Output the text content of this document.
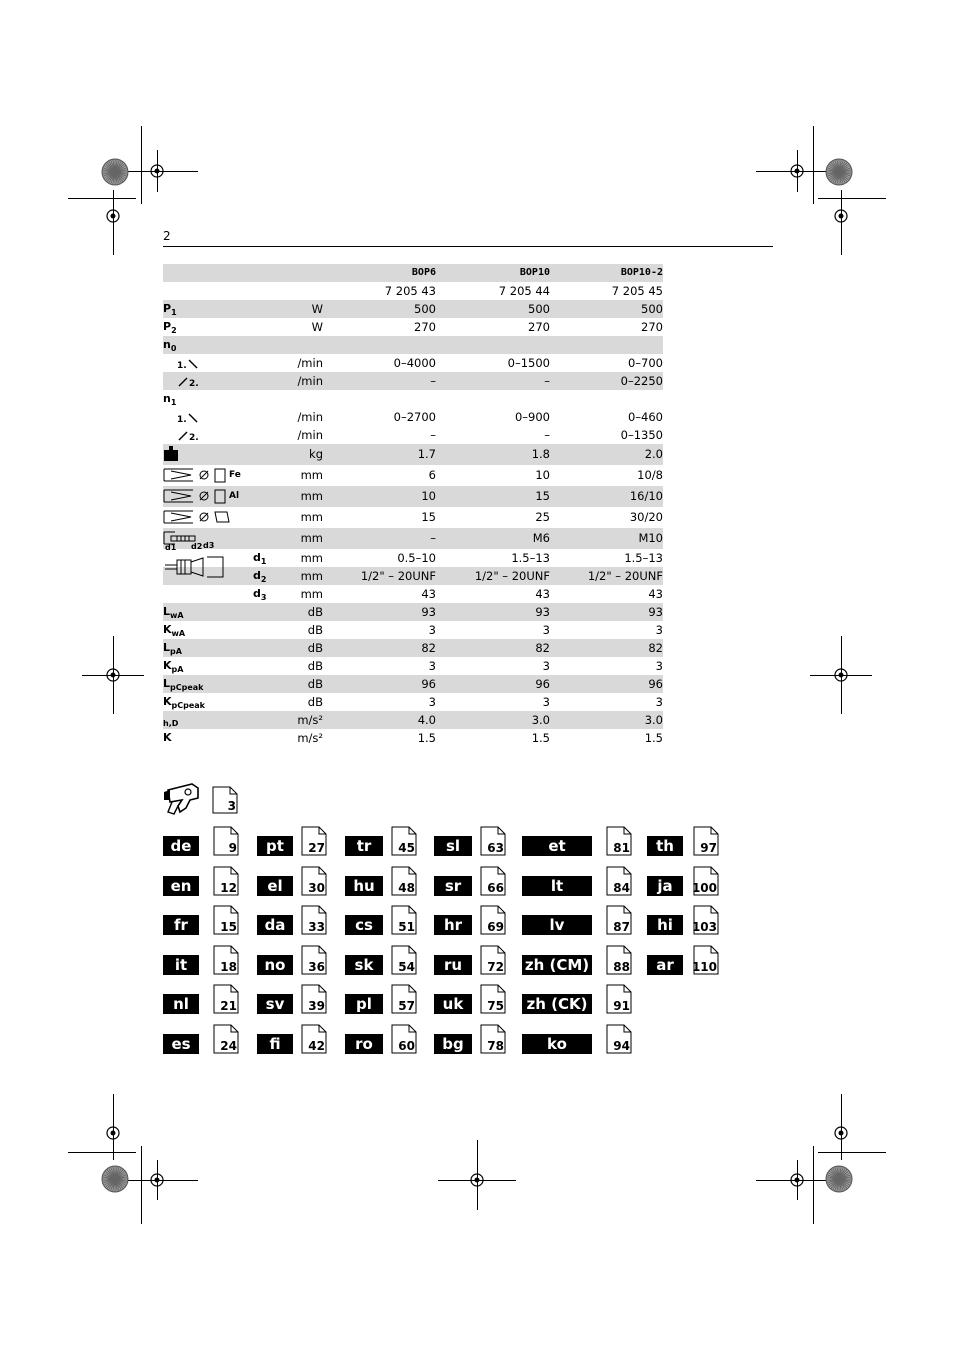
2
BOP6	BOP10	BOP10-2
7 205 43	7 205 44	7 205 45
$P_1$	W	500	500	500
$P_2$	W	270	270	270
$n_0$
$^{1.}$	/min	0–4000	0–1500	0–700
$^{2.}$	/min	–	–	0–2250
$n_1$
$^{1.}$	/min	0–2700	0–900	0–460
$^{2.}$	/min	–	–	0–1350
kg	1.7	1.8	2.0
Fe	mm	6	10	10/8
Al	mm	10	15	16/10
mm	15	25	30/20
mm	–	M6	M10
$d_1$	mm	0.5–10	1.5–13	1.5–13
$d_2$	mm	1/2" – 20UNF	1/2" – 20UNF	1/2" – 20UNF
$d_3$	mm	43	43	43
$L_{wA}$	dB	93	93	93
$K_{wA}$	dB	3	3	3
$L_{pA}$	dB	82	82	82
$K_{pA}$	dB	3	3	3
$L_{pCpeak}$	dB	96	96	96
$K_{pCpeak}$	dB	3	3	3
$_{h,D}$	m/s²	4.0	3.0	3.0
K	m/s²	1.5	1.5	1.5
d1 d2 d3
3
de	9
en	12
fr	15
it	18
nl	21
es	24
pt	27
el	30
da	33
no	36
sv	39
fi	42
tr	45
hu	48
cs	51
sk	54
pl	57
ro	60
sl	63
sr	66
hr	69
ru	72
uk	75
bg	78
et	81
lt	84
lv	87
zh (CM) 88
zh (CK)	91
ko	94
th	97
ja	100
hi	103
ar	110
